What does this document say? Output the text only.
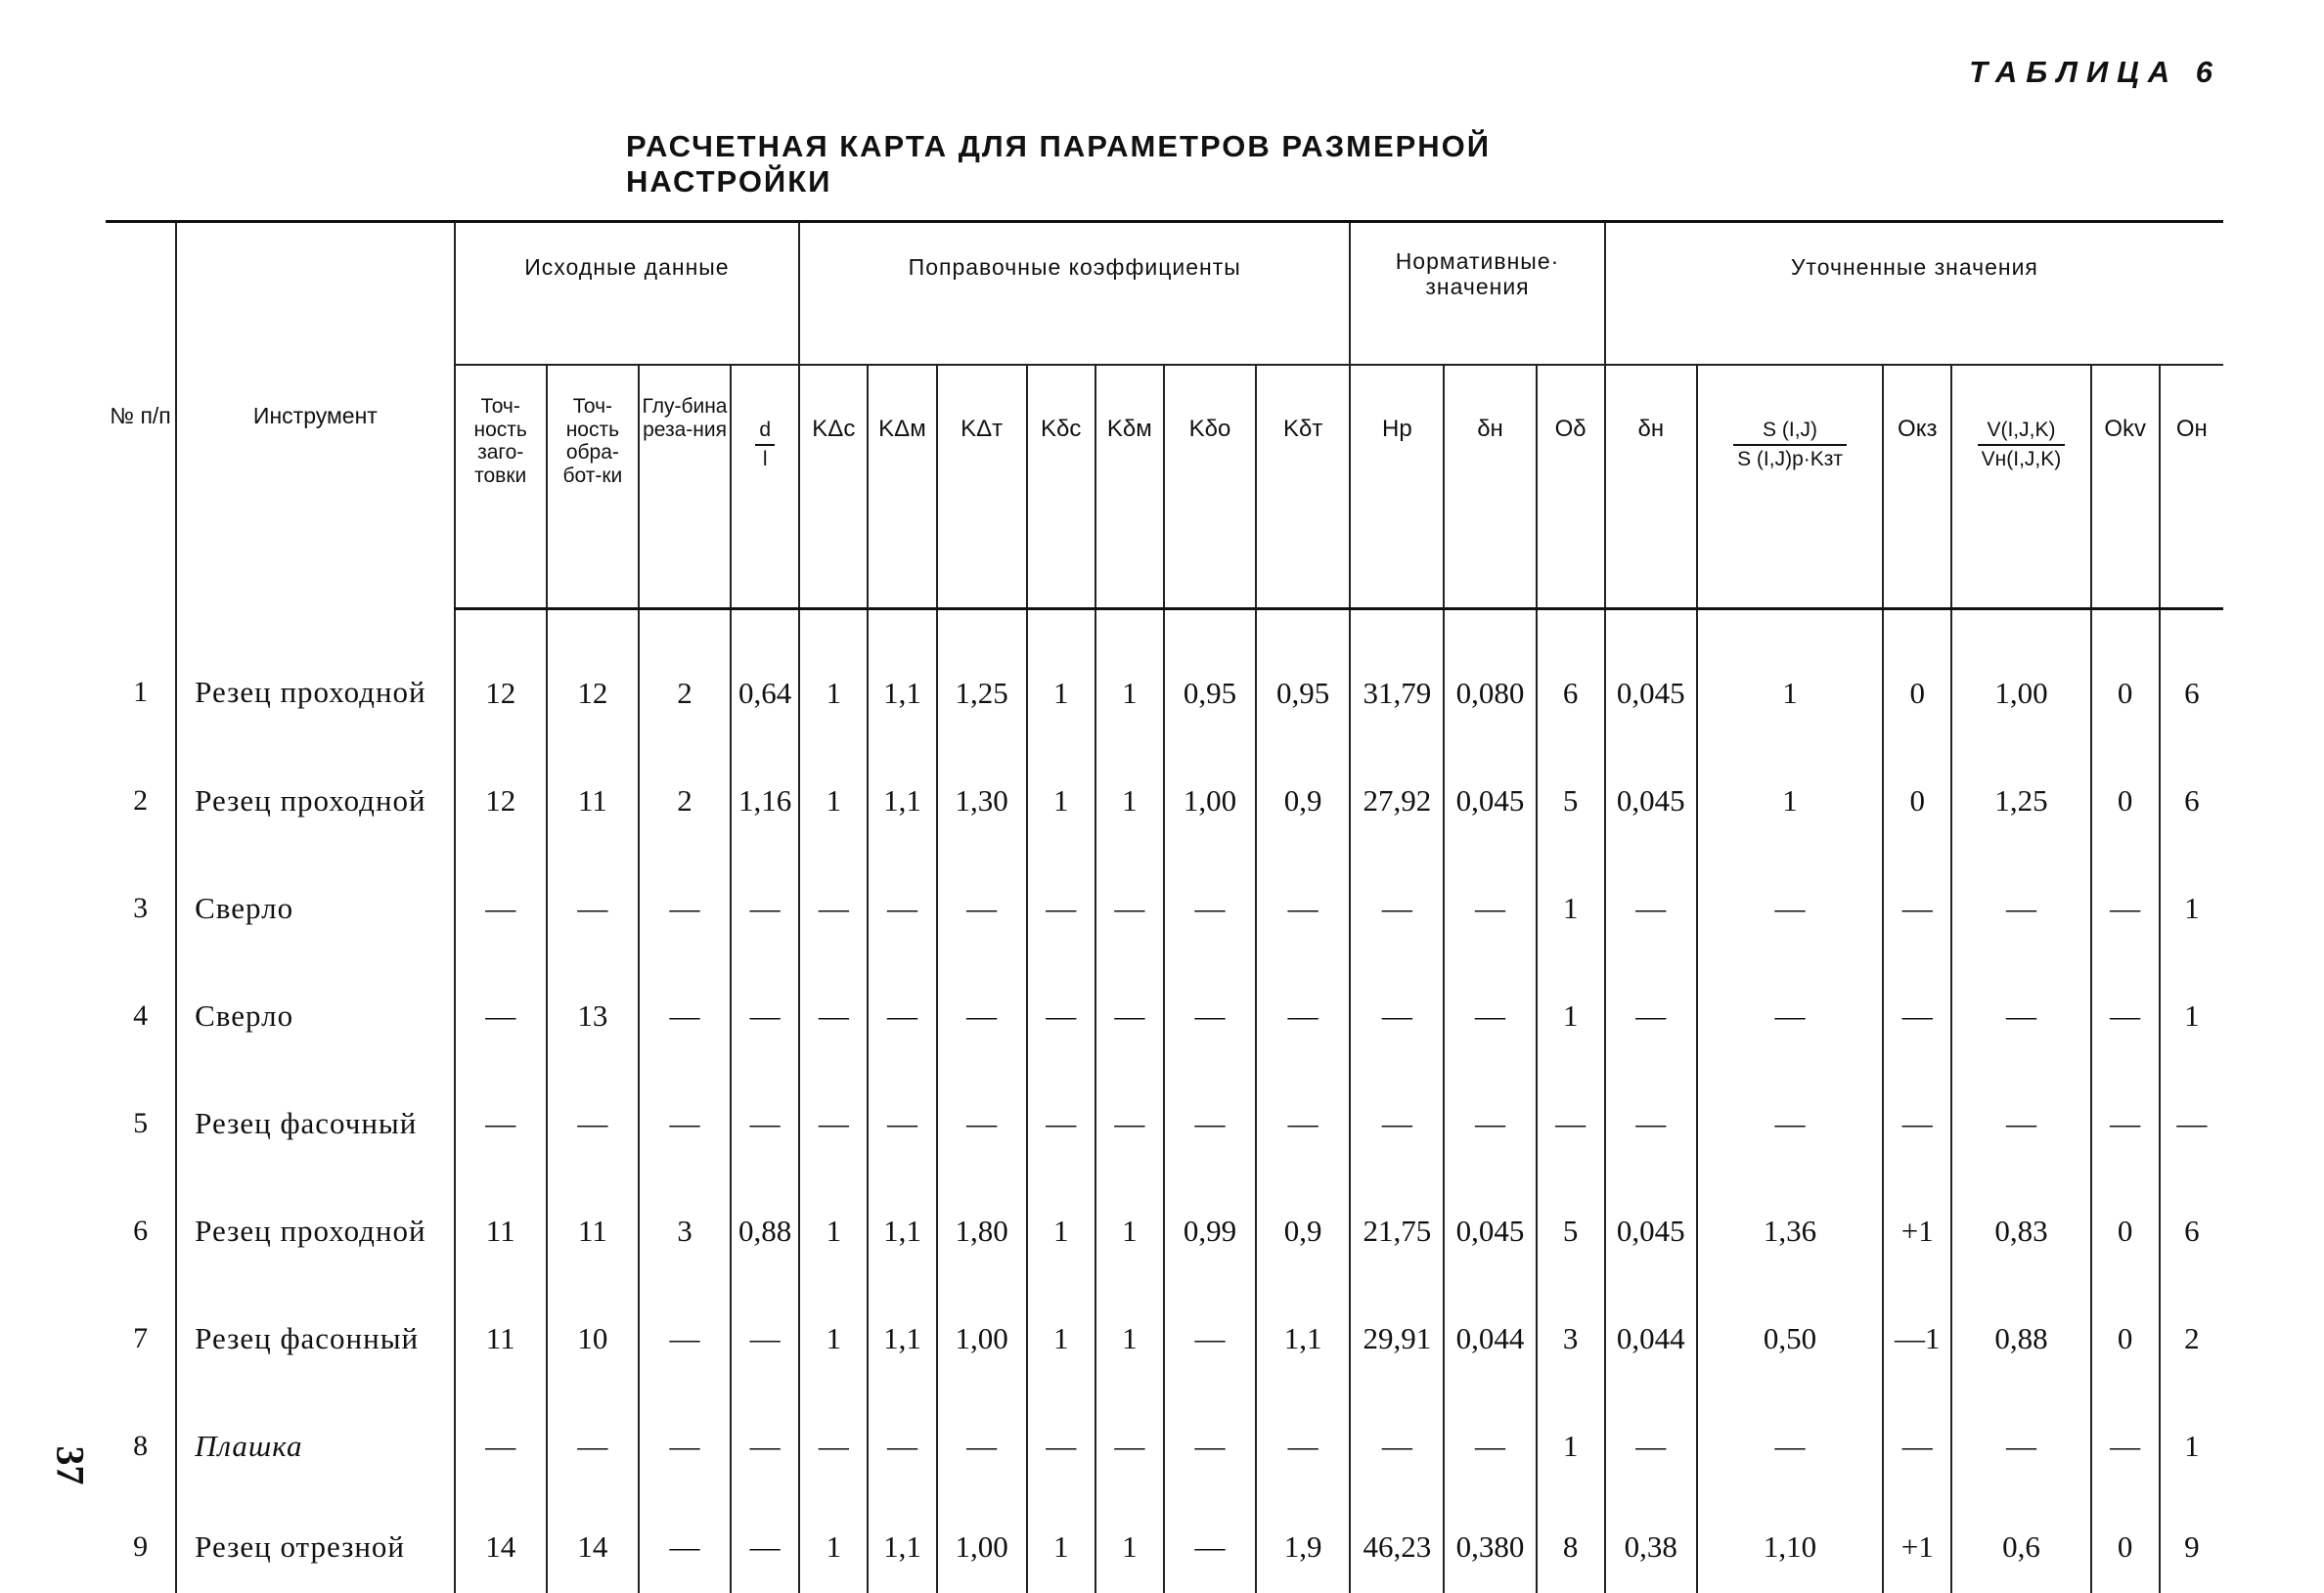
ТАБЛИЦА 6
РАСЧЕТНАЯ КАРТА ДЛЯ ПАРАМЕТРОВ РАЗМЕРНОЙ НАСТРОЙКИ
37
№ п/п	Инструмент	Исходные данные				Поправочные коэффициенты							Нормативные· значения			Уточненные значения					
		Точ-ность заго-товки	Точ-ность обра-бот-ки	Глу-бина реза-ния	$\frac{d}{l}$	KΔc	KΔм	KΔт	Kδc	Kδм	Kδо	Kδт	Hр	δн	Oδ	δн	$\frac{S (I,J)}{\text{S (I,J)р·Kзт}}$	Oкз	$\frac{V(I,J,K)}{Vн(I,J,K)}$	Okv	Oн
1	Резец проходной	12	12	2	0,64	1	1,1	1,25	1	1	0,95	0,95	31,79	0,080	6	0,045	1	0	1,00	0	6
2	Резец проходной	12	11	2	1,16	1	1,1	1,30	1	1	1,00	0,9	27,92	0,045	5	0,045	1	0	1,25	0	6
3	Сверло	—	—	—	—	—	—	—	—	—	—	—	—	—	1	—	—	—	—	—	1
4	Сверло	—	13	—	—	—	—	—	—	—	—	—	—	—	1	—	—	—	—	—	1
5	Резец фасочный	—	—	—	—	—	—	—	—	—	—	—	—	—	—	—	—	—	—	—	—
6	Резец проходной	11	11	3	0,88	1	1,1	1,80	1	1	0,99	0,9	21,75	0,045	5	0,045	1,36	+1	0,83	0	6
7	Резец фасонный	11	10	—	—	1	1,1	1,00	1	1	—	1,1	29,91	0,044	3	0,044	0,50	—1	0,88	0	2
8	Плашка	—	—	—	—	—	—	—	—	—	—	—	—	—	1	—	—	—	—	—	1
9	Резец отрезной	14	14	—	—	1	1,1	1,00	1	1	—	1,9	46,23	0,380	8	0,38	1,10	+1	0,6	0	9
